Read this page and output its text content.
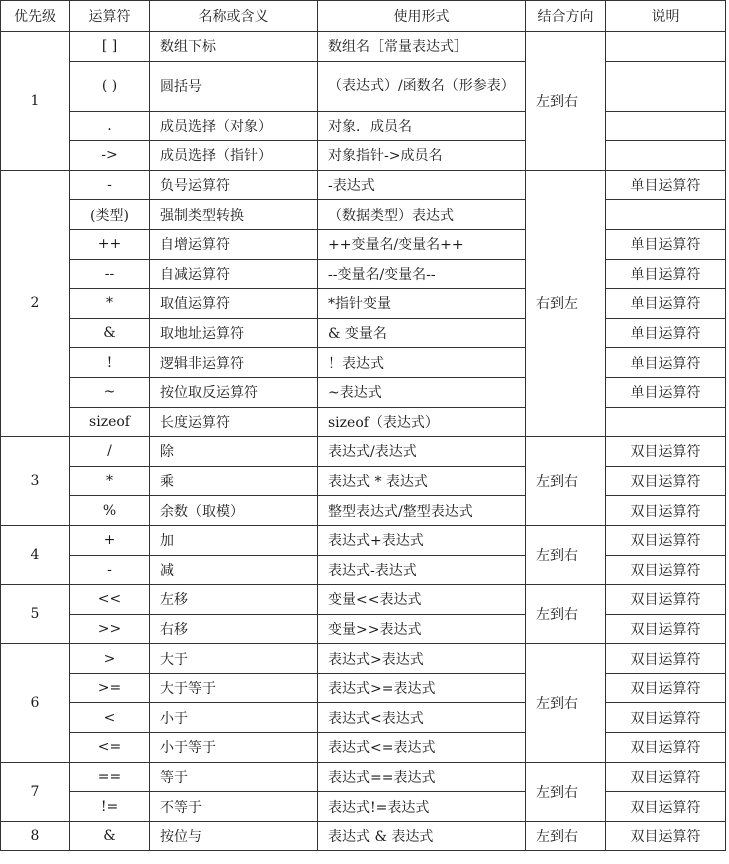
优先级	运算符	名称或含义	使用形式	结合方向	说明
1	[ ]	数组下标	数组名［常量表达式］	左到右	
	( )	圆括号	（表达式）/函数名（形参表）		
	.	成员选择（对象）	对象．成员名		
	->	成员选择（指针）	对象指针->成员名		
2	-	负号运算符	-表达式	右到左	单目运算符
	(类型)	强制类型转换	（数据类型）表达式		
	++	自增运算符	++变量名/变量名++		单目运算符
	--	自减运算符	--变量名/变量名--		单目运算符
	*	取值运算符	*指针变量		单目运算符
	&	取地址运算符	& 变量名		单目运算符
	!	逻辑非运算符	！表达式		单目运算符
	~	按位取反运算符	~表达式		单目运算符
	sizeof	长度运算符	sizeof（表达式）		
3	/	除	表达式/表达式	左到右	双目运算符
	*	乘	表达式 * 表达式		双目运算符
	%	余数（取模）	整型表达式/整型表达式		双目运算符
4	+	加	表达式+表达式	左到右	双目运算符
	-	减	表达式-表达式		双目运算符
5	<<	左移	变量<<表达式	左到右	双目运算符
	>>	右移	变量>>表达式		双目运算符
6	>	大于	表达式>表达式	左到右	双目运算符
	>=	大于等于	表达式>=表达式		双目运算符
	<	小于	表达式<表达式		双目运算符
	<=	小于等于	表达式<=表达式		双目运算符
7	==	等于	表达式==表达式	左到右	双目运算符
	!=	不等于	表达式!=表达式		双目运算符
8	&	按位与	表达式 & 表达式	左到右	双目运算符
